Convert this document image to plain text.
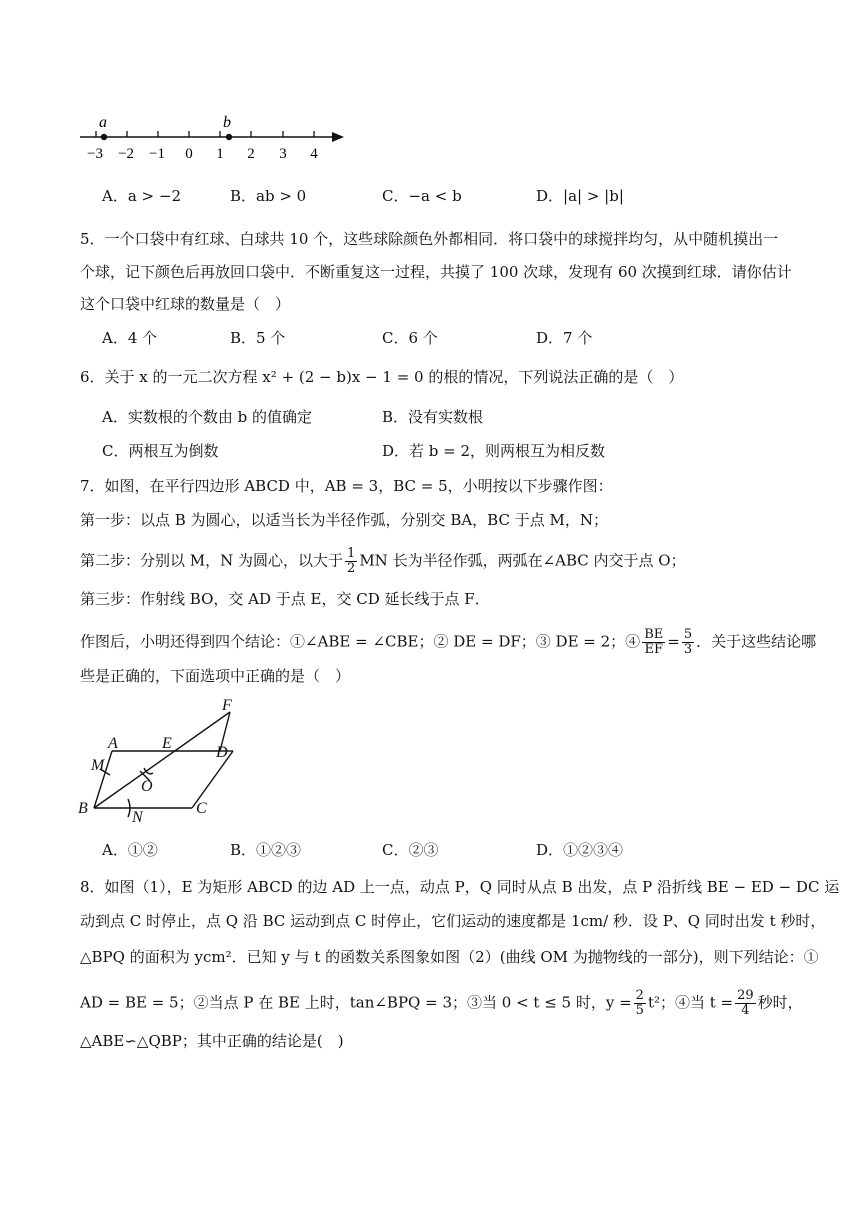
a	b
−3 −2 −1 0 1 2 3 4
A．a > −2	B．ab > 0	C．−a < b	D．|a| > |b|
5．一个口袋中有红球、白球共 10 个，这些球除颜色外都相同．将口袋中的球搅拌均匀，从中随机摸出一
个球，记下颜色后再放回口袋中．不断重复这一过程，共摸了 100 次球，发现有 60 次摸到红球．请你估计
这个口袋中红球的数量是（　）
A．4 个	B．5 个	C．6 个	D．7 个
6．关于 x 的一元二次方程 x² + (2 − b)x − 1 = 0 的根的情况，下列说法正确的是（　）
A．实数根的个数由 b 的值确定	B．没有实数根
C．两根互为倒数	D．若 b = 2，则两根互为相反数
7．如图，在平行四边形 ABCD 中，AB = 3，BC = 5，小明按以下步骤作图：
第一步：以点 B 为圆心，以适当长为半径作弧，分别交 BA，BC 于点 M，N；
第二步：分别以 M，N 为圆心，以大于 $\frac{1}{2}$ MN 长为半径作弧，两弧在∠ABC 内交于点 O；
第三步：作射线 BO，交 AD 于点 E，交 CD 延长线于点 F．
作图后，小明还得到四个结论：①∠ABE = ∠CBE；② DE = DF；③ DE = 2；④ $\frac{BE}{EF} = \frac{5}{3}$ ．关于这些结论哪
些是正确的，下面选项中正确的是（　）
F
A	E
D
M
O
B
N
C
A．①②	B．①②③	C．②③	D．①②③④
8．如图（1），E 为矩形 ABCD 的边 AD 上一点，动点 P，Q 同时从点 B 出发，点 P 沿折线 BE − ED − DC 运
动到点 C 时停止，点 Q 沿 BC 运动到点 C 时停止，它们运动的速度都是 1cm/ 秒．设 P、Q 同时出发 t 秒时，
△BPQ 的面积为 ycm²．已知 y 与 t 的函数关系图象如图（2）(曲线 OM 为抛物线的一部分)，则下列结论：①
AD = BE = 5；②当点 P 在 BE 上时，tan∠BPQ = 3；③当 0 < t ≤ 5 时，$y = \frac{2}{5} t^2$；④当 $t = \frac{29}{4}$ 秒时，
△ABE∽△QBP；其中正确的结论是(　)
